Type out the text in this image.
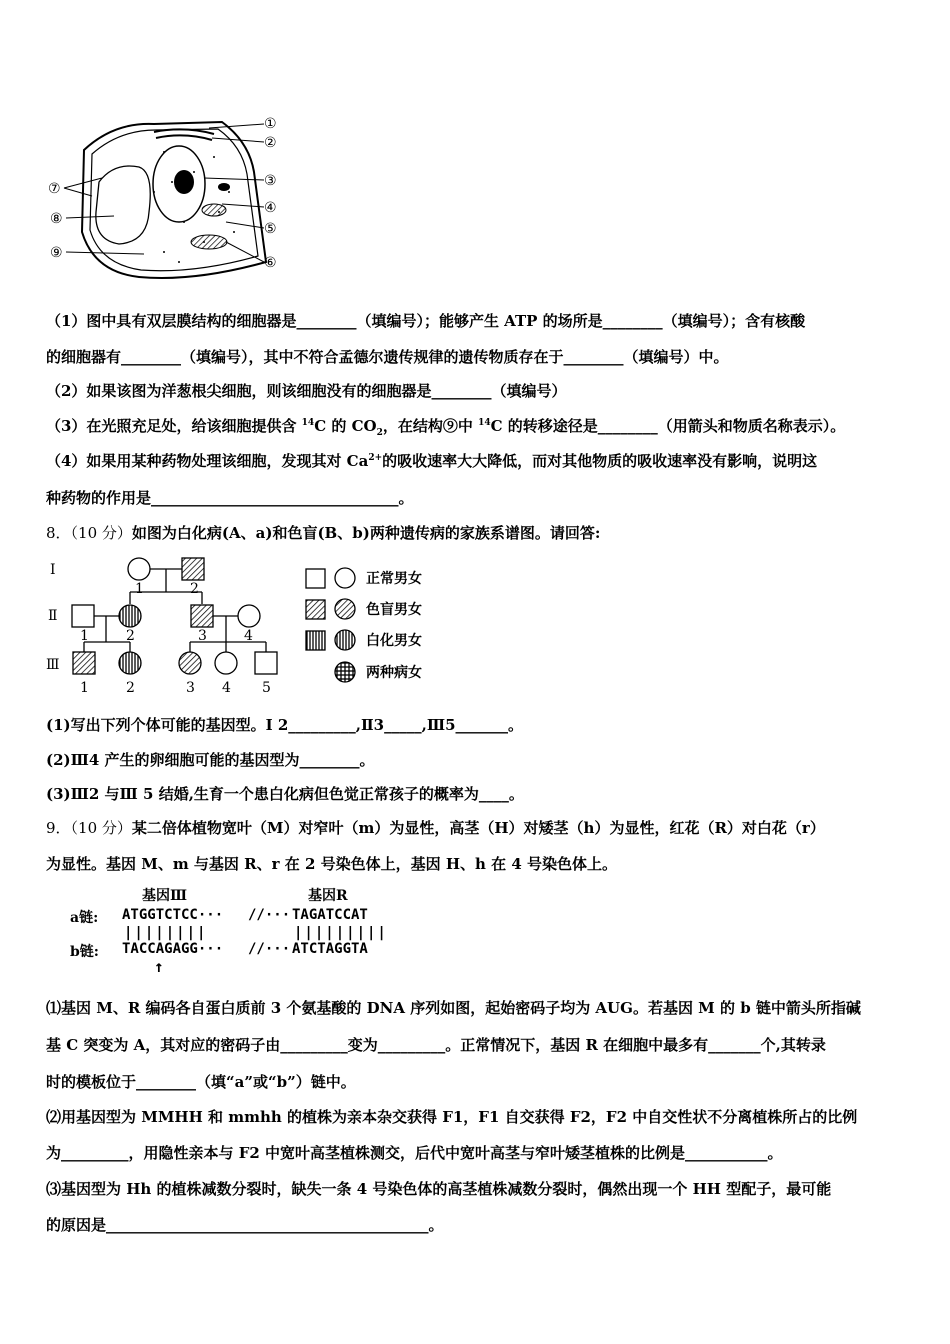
①
②
③
④
⑤
⑥
⑦
⑧
⑨
（1）图中具有双层膜结构的细胞器是________（填编号）；能够产生 ATP 的场所是________（填编号）；含有核酸
的细胞器有________（填编号），其中不符合孟德尔遗传规律的遗传物质存在于________（填编号）中。
（2）如果该图为洋葱根尖细胞，则该细胞没有的细胞器是________（填编号）
（3）在光照充足处，给该细胞提供含 $^{14}$C 的 $CO_2$，在结构⑨中 $^{14}$C 的转移途径是________（用箭头和物质名称表示）。
（4）如果用某种药物处理该细胞，发现其对 $Ca^{2+}$的吸收速率大大降低，而对其他物质的吸收速率没有影响，说明这
种药物的作用是_________________________________。
8．（10 分）如图为白化病(A、a)和色盲(B、b)两种遗传病的家族系谱图。请回答:
Ⅰ
Ⅱ
Ⅲ
1	2
1	2	3	4
1	2	3 4 5
正常男女
色盲男女
白化男女
两种病女
(1)写出下列个体可能的基因型。Ⅰ 2_________,Ⅱ3_____,Ⅲ5_______。
(2)Ⅲ4 产生的卵细胞可能的基因型为________。
(3)Ⅲ2 与Ⅲ 5 结婚,生育一个患白化病但色觉正常孩子的概率为____。
9．（10 分）某二倍体植物宽叶（M）对窄叶（m）为显性，高茎（H）对矮茎（h）为显性，红花（R）对白花（r）
为显性。基因 M、m 与基因 R、r 在 2 号染色体上，基因 H、h 在 4 号染色体上。
基因Ⅲ	基因R
a链: ATGGTCTCC··· //··· TAGATCCAT
||||||||	|||||||||
b链: TACCAGAGG··· //··· ATCTAGGTA
↑
⑴基因 M、R 编码各自蛋白质前 3 个氨基酸的 DNA 序列如图，起始密码子均为 AUG。若基因 M 的 b 链中箭头所指碱
基 C 突变为 A，其对应的密码子由_________变为_________。正常情况下，基因 R 在细胞中最多有_______个,其转录
时的模板位于________（填“a”或“b”）链中。
⑵用基因型为 MMHH 和 mmhh 的植株为亲本杂交获得 F1，F1 自交获得 F2，F2 中自交性状不分离植株所占的比例
为_________，用隐性亲本与 F2 中宽叶高茎植株测交，后代中宽叶高茎与窄叶矮茎植株的比例是___________。
⑶基因型为 Hh 的植株减数分裂时，缺失一条 4 号染色体的高茎植株减数分裂时，偶然出现一个 HH 型配子，最可能
的原因是___________________________________________。
